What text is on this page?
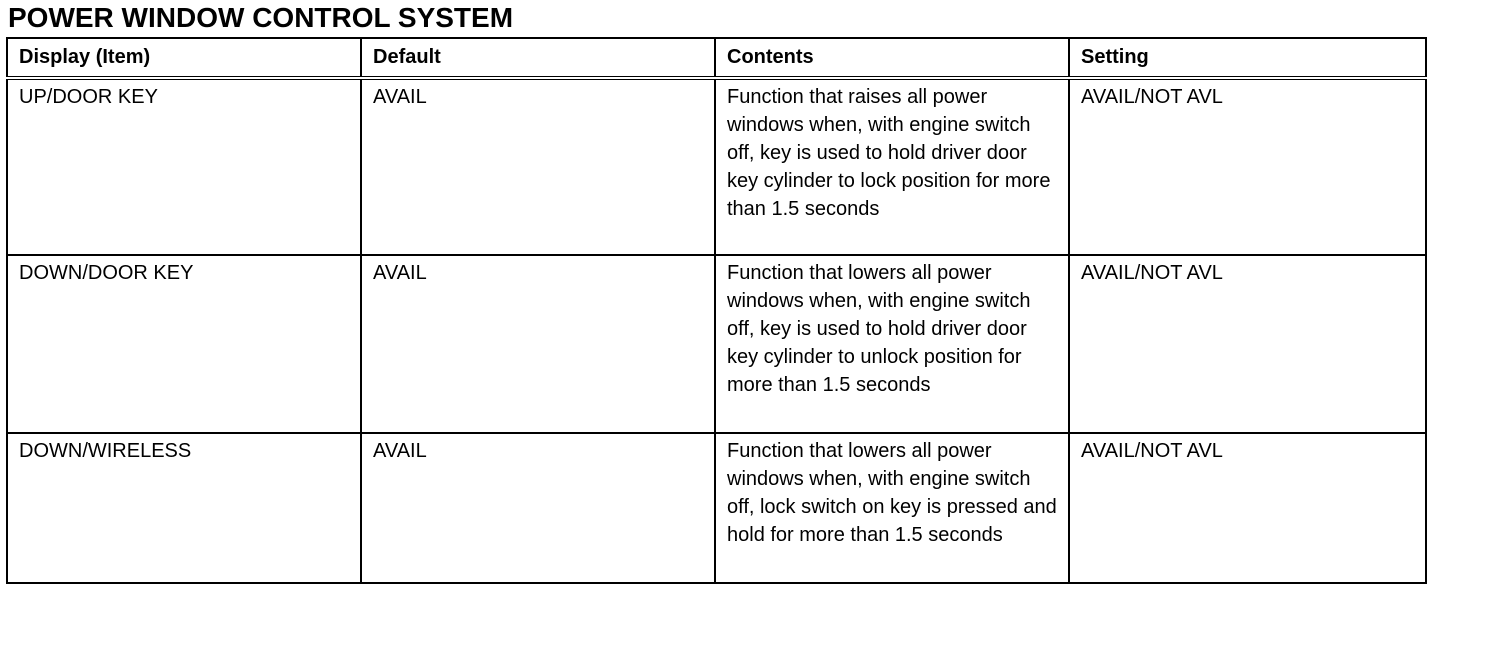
POWER WINDOW CONTROL SYSTEM
Display (Item)	Default	Contents	Setting

UP/DOOR KEY	AVAIL	Function that raises all power windows when, with engine switch off, key is used to hold driver door key cylinder to lock position for more than 1.5 seconds	AVAIL/NOT AVL

DOWN/DOOR KEY	AVAIL	Function that lowers all power windows when, with engine switch off, key is used to hold driver door key cylinder to unlock position for more than 1.5 seconds	AVAIL/NOT AVL

DOWN/WIRELESS	AVAIL	Function that lowers all power windows when, with engine switch off, lock switch on key is pressed and hold for more than 1.5 seconds	AVAIL/NOT AVL
